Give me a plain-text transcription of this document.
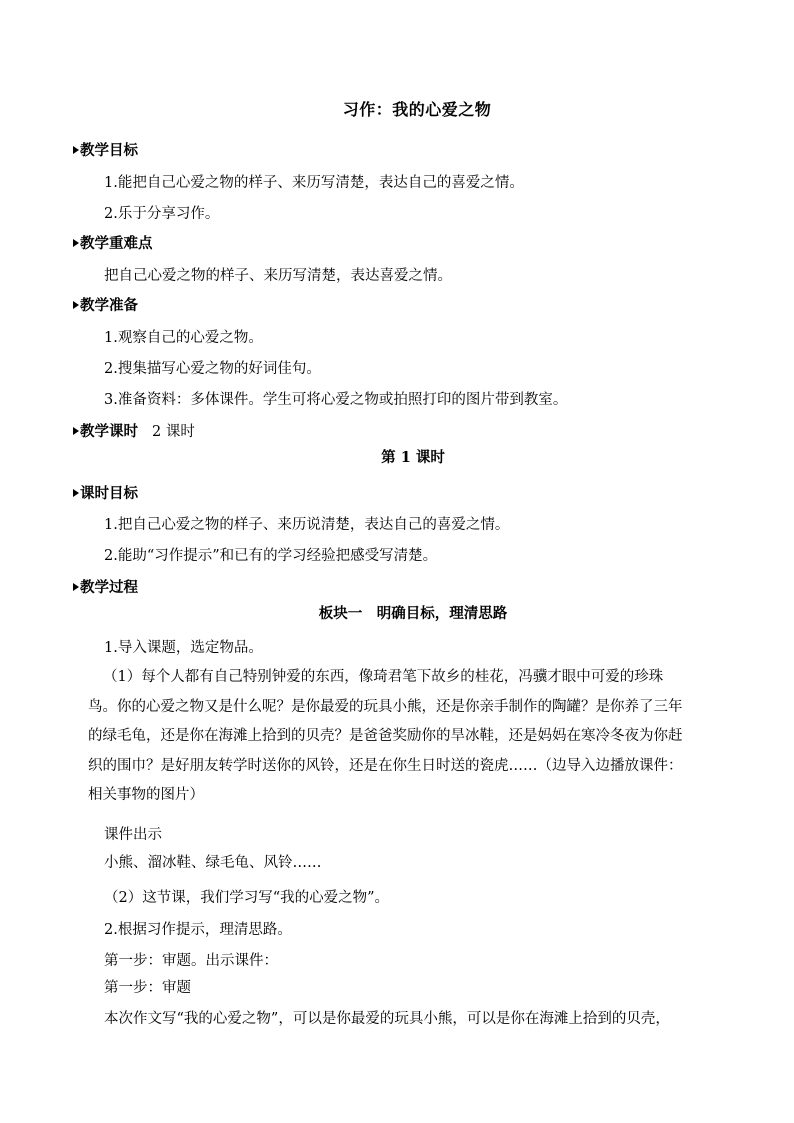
习作：我的心爱之物
教学目标
1.能把自己心爱之物的样子、来历写清楚，表达自己的喜爱之情。
2.乐于分享习作。
教学重难点
把自己心爱之物的样子、来历写清楚，表达喜爱之情。
教学准备
1.观察自己的心爱之物。
2.搜集描写心爱之物的好词佳句。
3.准备资料：多体课件。学生可将心爱之物或拍照打印的图片带到教室。
教学课时 2 课时
第 1 课时
课时目标
1.把自己心爱之物的样子、来历说清楚，表达自己的喜爱之情。
2.能助“习作提示”和已有的学习经验把感受写清楚。
教学过程
板块一　明确目标，理清思路
1.导入课题，选定物品。
（1）每个人都有自己特别钟爱的东西，像琦君笔下故乡的桂花，冯骥才眼中可爱的珍珠
鸟。你的心爱之物又是什么呢？是你最爱的玩具小熊，还是你亲手制作的陶罐？是你养了三年
的绿毛龟，还是你在海滩上拾到的贝壳？是爸爸奖励你的旱冰鞋，还是妈妈在寒冷冬夜为你赶
织的围巾？是好朋友转学时送你的风铃，还是在你生日时送的瓷虎……（边导入边播放课件：
相关事物的图片）
课件出示
小熊、溜冰鞋、绿毛龟、风铃……
（2）这节课，我们学习写“我的心爱之物”。
2.根据习作提示，理清思路。
第一步：审题。出示课件：
第一步：审题
本次作文写“我的心爱之物”，可以是你最爱的玩具小熊，可以是你在海滩上拾到的贝壳，
